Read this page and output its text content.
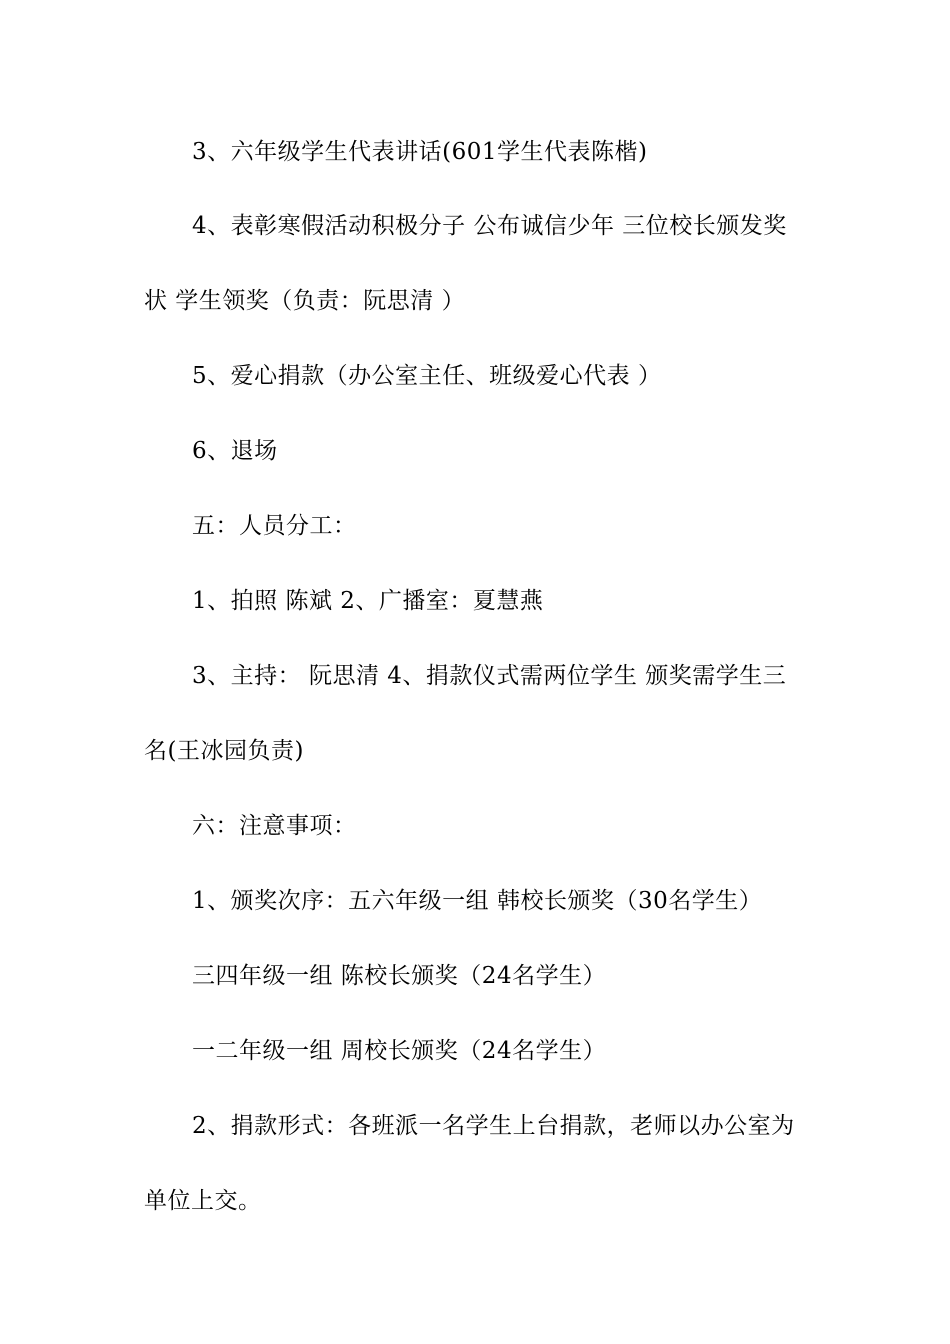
3、六年级学生代表讲话(601学生代表陈楷)
4、表彰寒假活动积极分子 公布诚信少年 三位校长颁发奖
状 学生领奖（负责：阮思清 ）
5、爱心捐款（办公室主任、班级爱心代表 ）
6、退场
五：人员分工：
1、拍照 陈斌 2、广播室：夏慧燕
3、主持： 阮思清 4、捐款仪式需两位学生 颁奖需学生三
名(王冰园负责)
六：注意事项：
1、颁奖次序：五六年级一组 韩校长颁奖（30名学生）
三四年级一组 陈校长颁奖（24名学生）
一二年级一组 周校长颁奖（24名学生）
2、捐款形式：各班派一名学生上台捐款，老师以办公室为
单位上交。
